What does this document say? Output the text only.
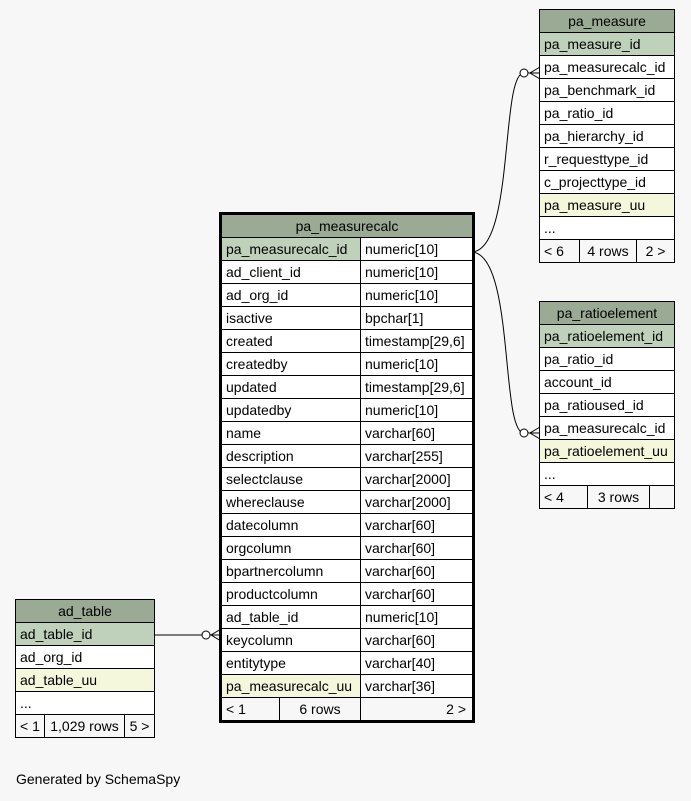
pa_measure
pa_measure_id
pa_measurecalc_id
pa_benchmark_id
pa_ratio_id
pa_hierarchy_id
r_requesttype_id
c_projecttype_id
pa_measure_uu
...
< 6	4 rows	2 >
pa_ratioelement
pa_ratioelement_id
pa_ratio_id
account_id
pa_ratioused_id
pa_measurecalc_id
pa_ratioelement_uu
...
< 4	3 rows	
pa_measurecalc		
pa_measurecalc_id		numeric[10]
ad_client_id		numeric[10]
ad_org_id		numeric[10]
isactive		bpchar[1]
created		timestamp[29,6]
createdby		numeric[10]
updated		timestamp[29,6]
updatedby		numeric[10]
name		varchar[60]
description		varchar[255]
selectclause		varchar[2000]
whereclause		varchar[2000]
datecolumn		varchar[60]
orgcolumn		varchar[60]
bpartnercolumn		varchar[60]
productcolumn		varchar[60]
ad_table_id		numeric[10]
keycolumn		varchar[60]
entitytype		varchar[40]
pa_measurecalc_uu		varchar[36]
< 1	6 rows	2 >
ad_table
ad_table_id
ad_org_id
ad_table_uu
...
< 1	1,029 rows	5 >
Generated by SchemaSpy
